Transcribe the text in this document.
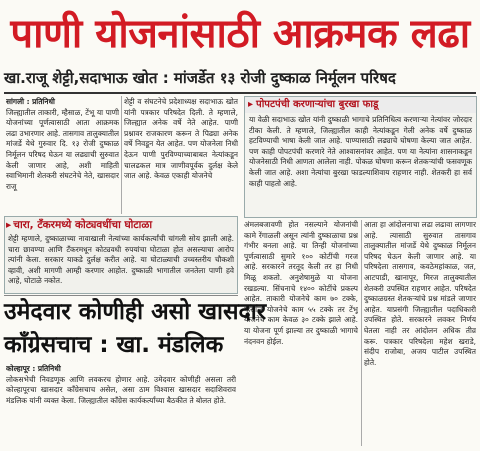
पाणी योजनांसाठी आक्रमक लढा
खा.राजू शेट्टी,सदाभाऊ खोत : मांजर्डेत १३ रोजी दुष्काळ निर्मूलन परिषद

सांगली : प्रतिनिधी

जिल्ह्यातील ताकारी, म्हैसाळ, टेंभू या पाणी योजनांच्या पूर्णत्वासाठी आता आक्रमक लढा उभारणार आहे. तासगाव तालुक्यातील मांजर्डे येथे गुरुवार दि. १३ रोजी दुष्काळ निर्मूलन परिषद घेऊन या लढ्याची सुरुवात केली जाणार आहे, अशी माहिती स्वाभिमानी शेतकरी संघटनेचे नेते, खासदार राजू

शेट्टी व संघटनेचे प्रदेशाध्यक्ष सदाभाऊ खोत यांनी पत्रकार परिषदेत दिली. ते म्हणाले, जिल्ह्यात अनेक वर्षे नेते आहेत. पाणी प्रश्नावर राजकारण करून ते पिढ्या अनेक वर्षे निवडून येत आहेत. पण योजनेला निधी देऊन पाणी पुरविण्याच्याबाबत नेत्यांकडून चालढकल मात्र जाणीवपूर्वक दुर्लक्ष केले जात आहे. केवळ एकाही योजनेचे

▸ पोपटपंची करणाऱ्यांचा बुरखा फाडू
या वेळी सदाभाऊ खोत यांनी दुष्काळी भागाचे प्रतिनिधित्व करणाऱ्या नेत्यांवर जोरदार टीका केली. ते म्हणाले, जिल्ह्यातील काही नेत्यांकडून गेली अनेक वर्षे दुष्काळ हटविण्याची भाषा केली जात आहे. पाण्यासाठी लढ्याचे घोषणा केल्या जात आहेत. पण काही पोपटपंची करणारे नेते आश्वासनांवर आहेत. पण या नेत्यांना शासनाकडून योजनेसाठी निधी आणता आलेला नाही. पोकळ घोषणा करून शेतकऱ्यांची फसवणूक केली जात आहे. अशा नेत्यांचा बुरखा फाडल्याशिवाय राहणार नाही. शेतकरी हा सर्व काही पाहतो आहे.
▸ चारा, टँकरमध्ये कोट्यवधींचा घोटाळा
शेट्टी म्हणाले, दुष्काळाच्या नावाखाली नेत्यांच्या कार्यकर्त्यांची चांगली सोय झाली आहे. चारा छावण्या आणि टँकरमधून कोट्यवधी रुपयांचा घोटाळा होत असल्याचा आरोप त्यांनी केला. सरकार याकडे दुर्लक्ष करीत आहे. या घोटाळ्याची उच्चस्तरीय चौकशी व्हावी, अशी मागणी आम्ही करणार आहोत. दुष्काळी भागातील जनतेला पाणी हवे आहे, घोटाळे नकोत.
अंमलबजावणी होत नसल्याने योजनांची कामे रेंगाळली असून त्यांनी दुष्काळाचा प्रश्न गंभीर बनला आहे. या तिन्ही योजनांच्या पूर्णत्वासाठी सुमारे १०० कोटींची गरज आहे. सरकारने तरतूद केली तर हा निधी मिळू शकतो. अनुशेषामुळे या योजना रखडल्या. सिंचनाचे १४०० कोटींचे प्रकल्प आहेत. ताकारी योजनेचे काम ७० टक्के, म्हैसाळ योजनेचे काम ५५ टक्के तर टेंभू योजनेचे काम केवळ ३० टक्के झाले आहे. या योजना पूर्ण झाल्या तर दुष्काळी भागाचे नंदनवन होईल.
आता हा आंदोलनाचा लढा लढावा लागणार आहे. त्यासाठी सुरुवात तासगाव तालुक्यातील मांजर्डे येथे दुष्काळ निर्मूलन परिषद घेऊन केली जाणार आहे. या परिषदेला तासगाव, कवठेमहांकाळ, जत, आटपाडी, खानापूर, मिरज तालुक्यातील शेतकरी उपस्थित राहणार आहेत. परिषदेत दुष्काळग्रस्त शेतकऱ्यांचे प्रश्न मांडले जाणार आहेत. याप्रसंगी जिल्ह्यातील पदाधिकारी उपस्थित होते. सरकारने लवकर निर्णय घेतला नाही तर आंदोलन अधिक तीव्र करू. पत्रकार परिषदेला महेश खराडे, संदीप राजोबा, अजय पाटील उपस्थित होते.
उमेदवार कोणीही असो खासदार
काँग्रेसचाच : खा. मंडलिक

कोल्हापूर : प्रतिनिधी

लोकसभेची निवडणूक आणि लवकरच होणार आहे. उमेदवार कोणीही असला तरी कोल्हापूरचा खासदार काँग्रेसचाच असेल, असा ठाम विश्वास खासदार सदाशिवराव मंडलिक यांनी व्यक्त केला. जिल्ह्यातील काँग्रेस कार्यकर्त्यांच्या बैठकीत ते बोलत होते.
